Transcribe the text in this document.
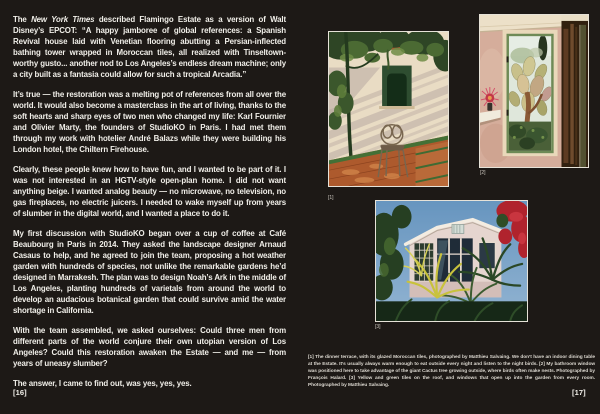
The New York Times described Flamingo Estate as a version of Walt Disney’s EPCOT: “A happy jamboree of global references: a Spanish Revival house laid with Venetian flooring abutting a Persian-inflected bathing tower wrapped in Moroccan tiles, all realized with Tinseltown-worthy gusto... another nod to Los Angeles’s endless dream machine; only a city built as a fantasia could allow for such a tropical Arcadia.”

It’s true — the restoration was a melting pot of references from all over the world. It would also become a masterclass in the art of living, thanks to the soft hearts and sharp eyes of two men who changed my life: Karl Fournier and Olivier Marty, the founders of StudioKO in Paris. I had met them through my work with hotelier André Balazs while they were building his London hotel, the Chiltern Firehouse.

Clearly, these people knew how to have fun, and I wanted to be part of it. I was not interested in an HGTV-style open-plan home. I did not want anything beige. I wanted analog beauty — no microwave, no television, no gas fireplaces, no electric juicers. I needed to wake myself up from years of slumber in the digital world, and I wanted a place to do it.

My first discussion with StudioKO began over a cup of coffee at Café Beaubourg in Paris in 2014. They asked the landscape designer Arnaud Casaus to help, and he agreed to join the team, proposing a hot weather garden with hundreds of species, not unlike the remarkable gardens he’d designed in Marrakesh. The plan was to design Noah’s Ark in the middle of Los Angeles, planting hundreds of varietals from around the world to develop an audacious botanical garden that could survive amid the water shortage in California.

With the team assembled, we asked ourselves: Could three men from different parts of the world conjure their own utopian version of Los Angeles? Could this restoration awaken the Estate — and me — from years of uneasy slumber?

The answer, I came to find out, was yes, yes, yes.

[16]
[1]
[2]
[3]
[1] The dinner terrace, with its glazed Moroccan tiles, photographed by Matthieu Salvaing. We don’t have an indoor dining table at the Estate. It’s usually always warm enough to eat outside every night and listen to the night birds. [2] My bathroom window was positioned here to take advantage of the giant Cactus tree growing outside, where birds often make nests. Photographed by François Halard. [3] Yellow and green tiles on the roof, and windows that open up into the garden from every room. Photographed by Matthieu Salvaing.
[17]
